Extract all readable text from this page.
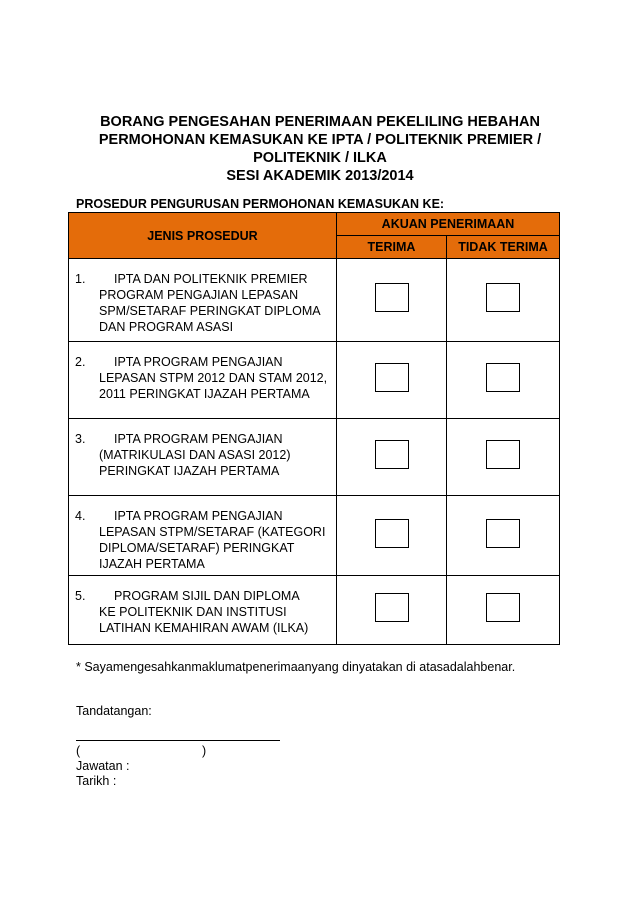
BORANG PENGESAHAN PENERIMAAN PEKELILING HEBAHAN
PERMOHONAN KEMASUKAN KE IPTA / POLITEKNIK PREMIER /
POLITEKNIK / ILKA
SESI AKADEMIK 2013/2014
PROSEDUR PENGURUSAN PERMOHONAN KEMASUKAN KE:
JENIS PROSEDUR	AKUAN PENERIMAAN	
	TERIMA	TIDAK TERIMA

1. IPTA DAN POLITEKNIK PREMIER
PROGRAM PENGAJIAN LEPASAN
SPM/SETARAF PERINGKAT DIPLOMA
DAN PROGRAM ASASI		

2. IPTA PROGRAM PENGAJIAN
LEPASAN STPM 2012 DAN STAM 2012,
2011 PERINGKAT IJAZAH PERTAMA		

3. IPTA PROGRAM PENGAJIAN
(MATRIKULASI DAN ASASI 2012)
PERINGKAT IJAZAH PERTAMA		

4. IPTA PROGRAM PENGAJIAN
LEPASAN STPM/SETARAF (KATEGORI
DIPLOMA/SETARAF) PERINGKAT
IJAZAH PERTAMA		

5. PROGRAM SIJIL DAN DIPLOMA
KE POLITEKNIK DAN INSTITUSI
LATIHAN KEMAHIRAN AWAM (ILKA)		

* Sayamengesahkanmaklumatpenerimaanyang dinyatakan di atasadalahbenar.
Tandatangan:
(	)
Jawatan :
Tarikh :
